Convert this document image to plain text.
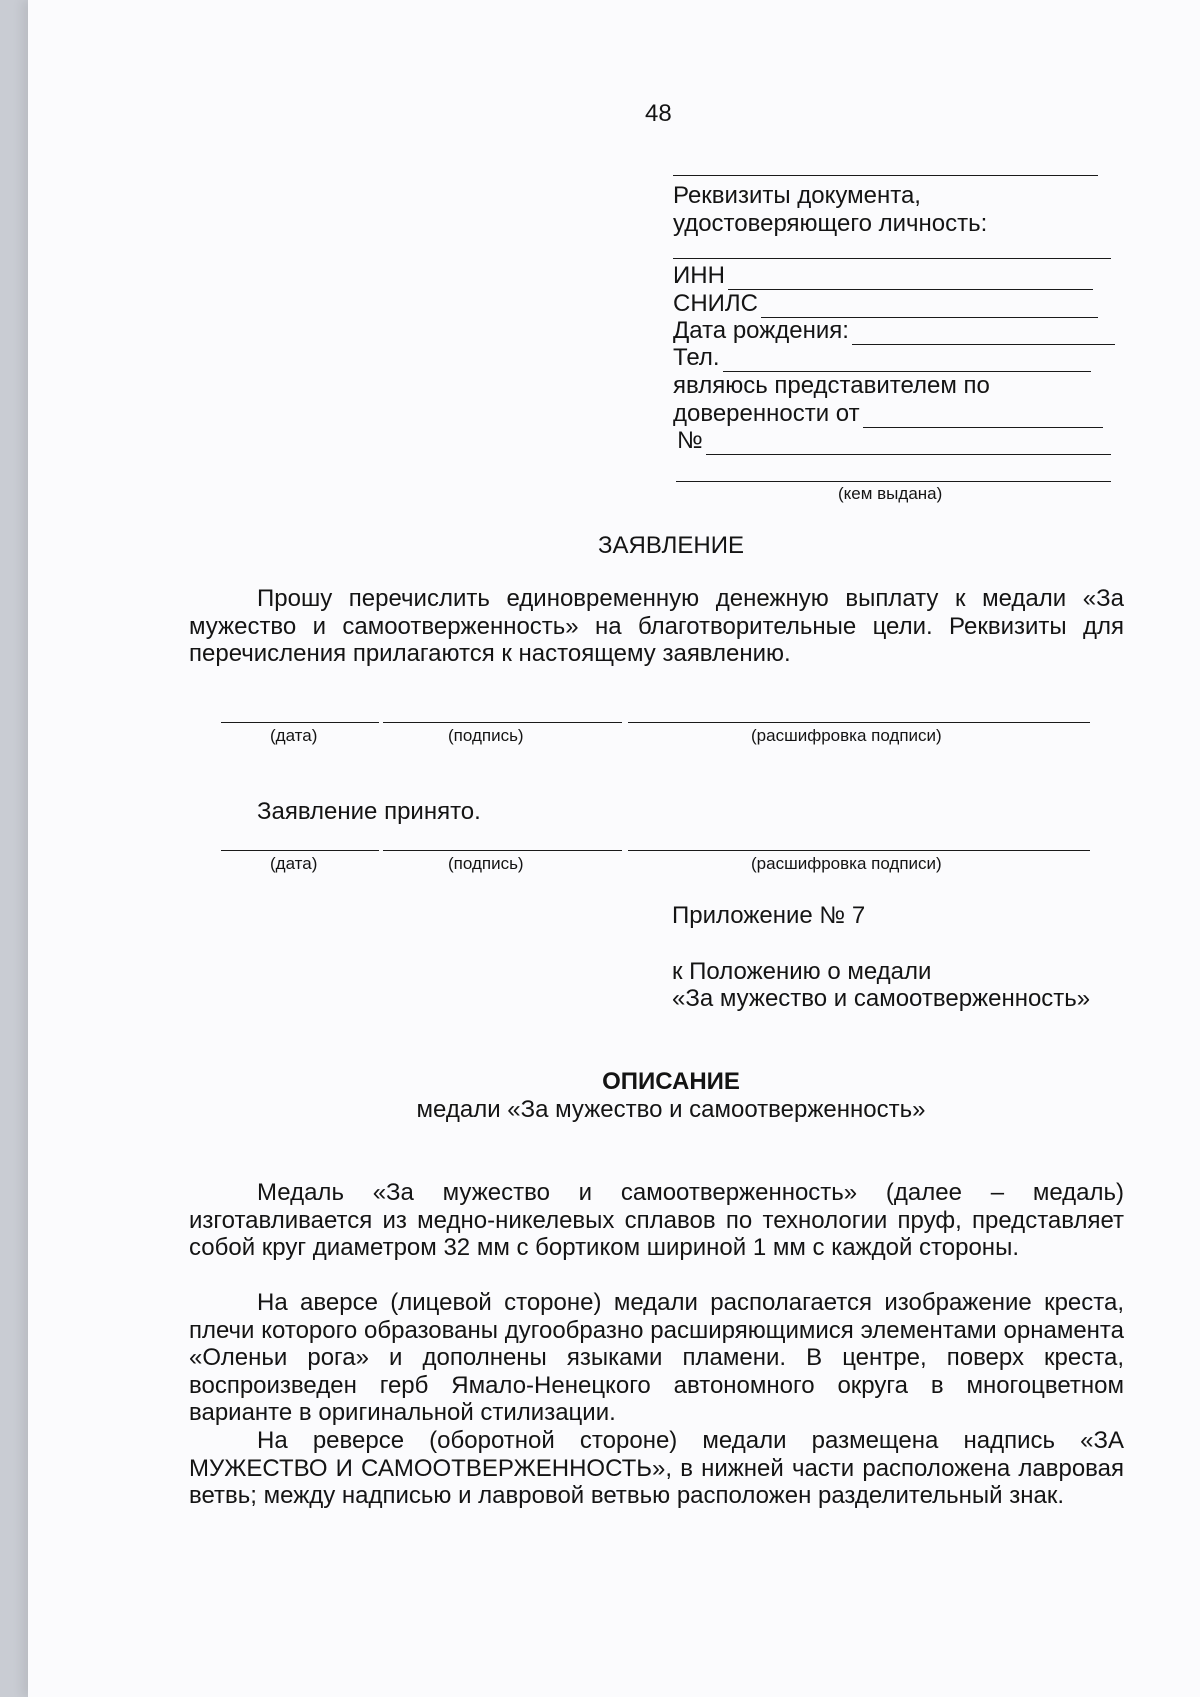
48
Реквизиты документа,
удостоверяющего личность:
ИНН
СНИЛС
Дата рождения:
Тел.
являюсь представителем по
доверенности от
№
(кем выдана)
ЗАЯВЛЕНИЕ
Прошу перечислить единовременную денежную выплату к медали «За мужество и самоотверженность» на благотворительные цели. Реквизиты для перечисления прилагаются к настоящему заявлению.
(дата)	(подпись)	(расшифровка подписи)
Заявление принято.
(дата)	(подпись)	(расшифровка подписи)
Приложение № 7
к Положению о медали
«За мужество и самоотверженность»
ОПИСАНИЕ
медали «За мужество и самоотверженность»
Медаль «За мужество и самоотверженность» (далее – медаль) изготавливается из медно-никелевых сплавов по технологии пруф, представляет собой круг диаметром 32 мм с бортиком шириной 1 мм с каждой стороны.
На аверсе (лицевой стороне) медали располагается изображение креста, плечи которого образованы дугообразно расширяющимися элементами орнамента «Оленьи рога» и дополнены языками пламени. В центре, поверх креста, воспроизведен герб Ямало-Ненецкого автономного округа в многоцветном варианте в оригинальной стилизации.
На реверсе (оборотной стороне) медали размещена надпись «ЗА МУЖЕСТВО И САМООТВЕРЖЕННОСТЬ», в нижней части расположена лавровая ветвь; между надписью и лавровой ветвью расположен разделительный знак.
